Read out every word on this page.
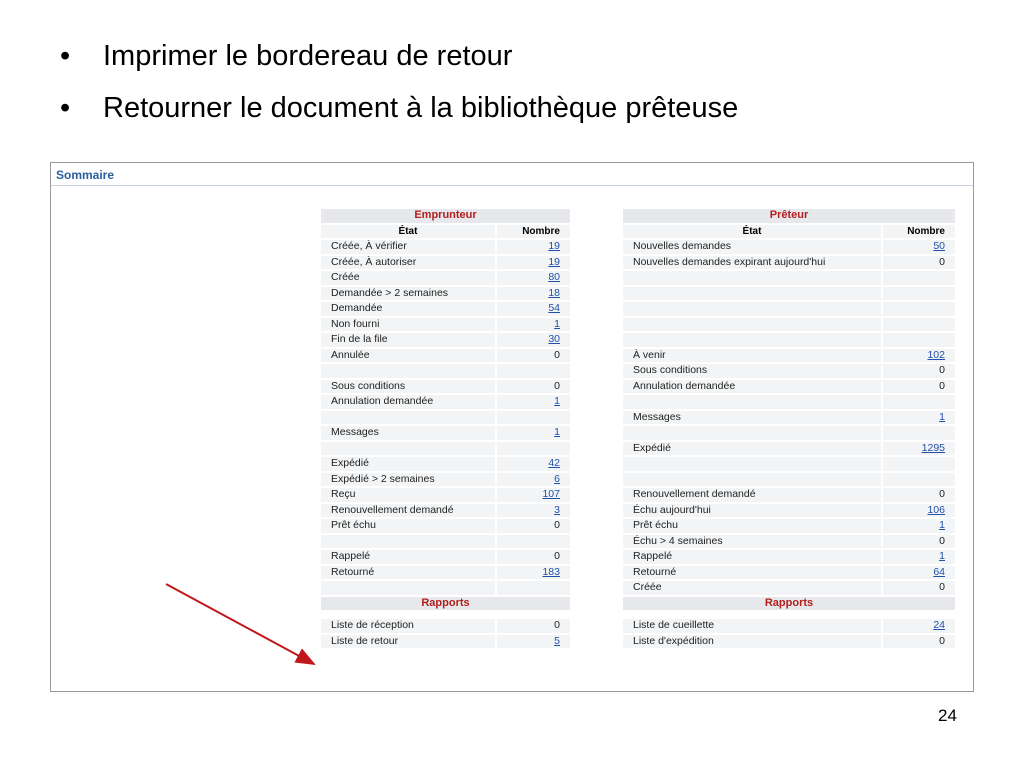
• Imprimer le bordereau de retour
• Retourner le document à la bibliothèque prêteuse
Sommaire
Emprunteur	
État	Nombre
Créée, À vérifier	19
Créée, À autoriser	19
Créée	80
Demandée > 2 semaines	18
Demandée	54
Non fourni	1
Fin de la file	30
Annulée	0

Sous conditions	0
Annulation demandée	1

Messages	1

Expédié	42
Expédié > 2 semaines	6
Reçu	107
Renouvellement demandé	3
Prêt échu	0

Rappelé	0
Retourné	183

Rapports	

Liste de réception	0
Liste de retour	5
Prêteur	
État	Nombre
Nouvelles demandes	50
Nouvelles demandes expirant aujourd'hui	0

À venir	102
Sous conditions	0
Annulation demandée	0

Messages	1

Expédié	1295

Renouvellement demandé	0
Échu aujourd'hui	106
Prêt échu	1
Échu > 4 semaines	0
Rappelé	1
Retourné	64
Créée	0
Rapports	

Liste de cueillette	24
Liste d'expédition	0
24
